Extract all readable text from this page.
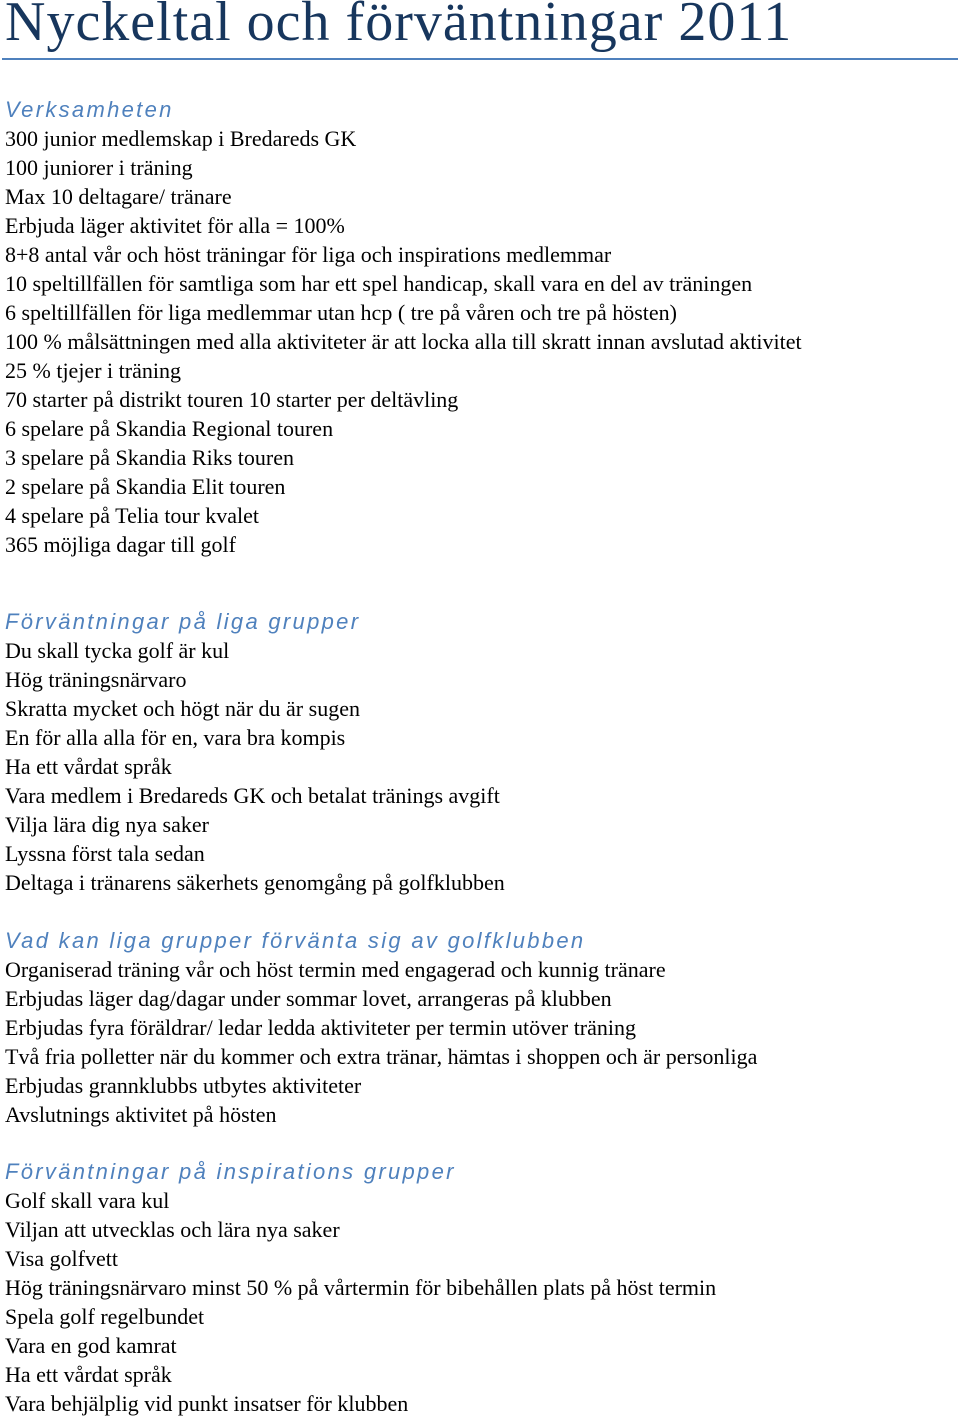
Nyckeltal och förväntningar 2011
Verksamheten
300 junior medlemskap i Bredareds GK
100 juniorer i träning
Max 10 deltagare/ tränare
Erbjuda läger aktivitet för alla = 100%
8+8 antal vår och höst träningar för liga och inspirations medlemmar
10 speltillfällen för samtliga som har ett spel handicap, skall vara en del av träningen
6 speltillfällen för liga medlemmar utan hcp ( tre på våren och tre på hösten)
100 % målsättningen med alla aktiviteter är att locka alla till skratt innan avslutad aktivitet
25 % tjejer i träning
70 starter på distrikt touren 10 starter per deltävling
6 spelare på Skandia Regional touren
3 spelare på Skandia Riks touren
2 spelare på Skandia Elit touren
4 spelare på Telia tour kvalet
365 möjliga dagar till golf
Förväntningar på liga grupper
Du skall tycka golf är kul
Hög träningsnärvaro
Skratta mycket och högt när du är sugen
En för alla alla för en, vara bra kompis
Ha ett vårdat språk
Vara medlem i Bredareds GK och betalat tränings avgift
Vilja lära dig nya saker
Lyssna först tala sedan
Deltaga i tränarens säkerhets genomgång på golfklubben
Vad kan liga grupper förvänta sig av golfklubben
Organiserad träning vår och höst termin med engagerad och kunnig tränare
Erbjudas läger dag/dagar under sommar lovet, arrangeras på klubben
Erbjudas fyra föräldrar/ ledar ledda aktiviteter per termin utöver träning
Två fria polletter när du kommer och extra tränar, hämtas i shoppen och är personliga
Erbjudas grannklubbs utbytes aktiviteter
Avslutnings aktivitet på hösten
Förväntningar på inspirations grupper
Golf skall vara kul
Viljan att utvecklas och lära nya saker
Visa golfvett
Hög träningsnärvaro minst 50 % på vårtermin för bibehållen plats på höst termin
Spela golf regelbundet
Vara en god kamrat
Ha ett vårdat språk
Vara behjälplig vid punkt insatser för klubben
